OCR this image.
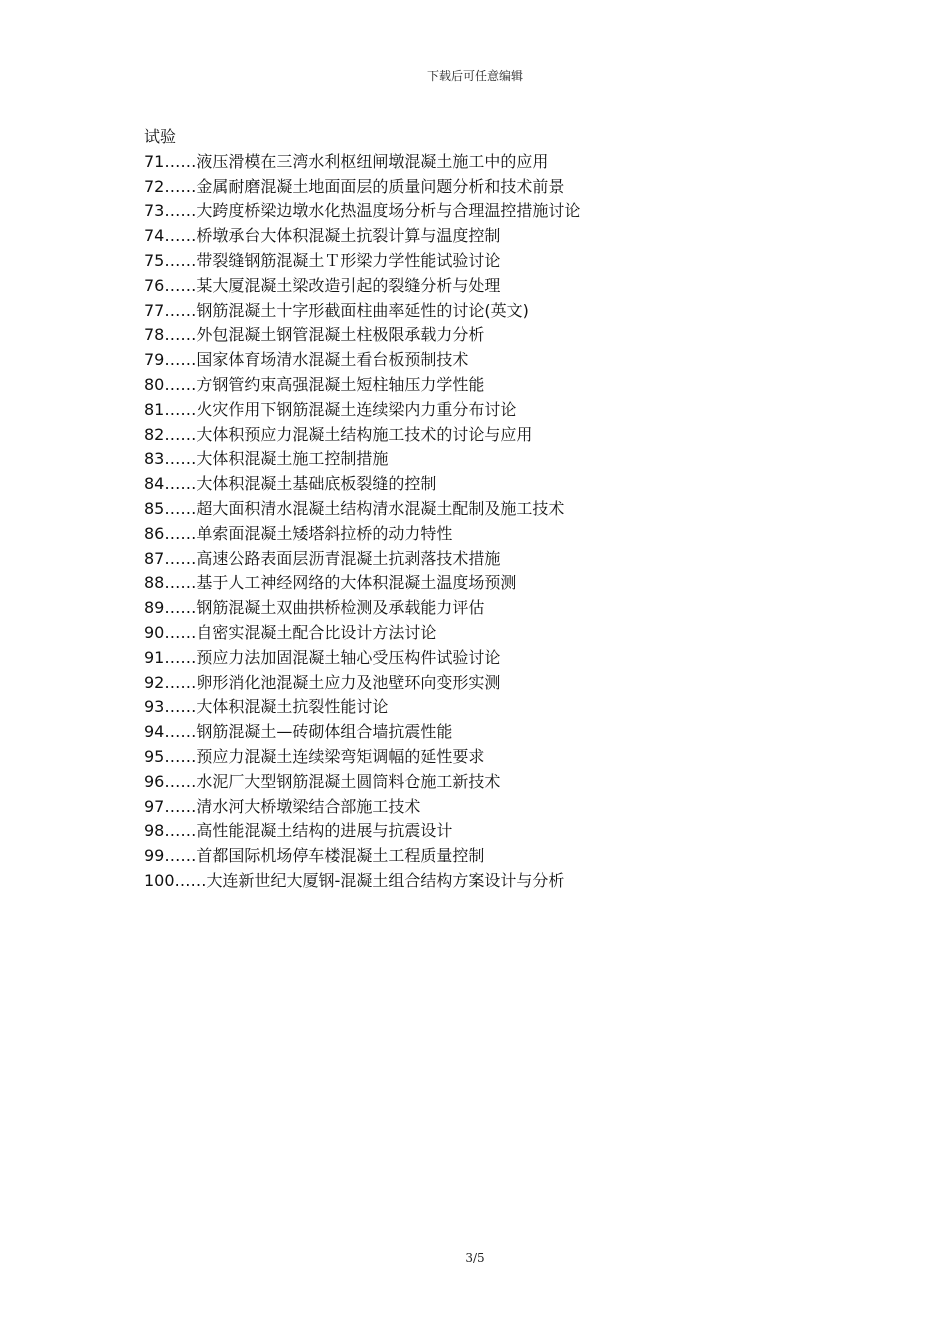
下载后可任意编辑

试验

71……液压滑模在三湾水利枢纽闸墩混凝土施工中的应用

72……金属耐磨混凝土地面面层的质量问题分析和技术前景

73……大跨度桥梁边墩水化热温度场分析与合理温控措施讨论

74……桥墩承台大体积混凝土抗裂计算与温度控制

75……带裂缝钢筋混凝土Ｔ形梁力学性能试验讨论

76……某大厦混凝土梁改造引起的裂缝分析与处理

77……钢筋混凝土十字形截面柱曲率延性的讨论(英文)

78……外包混凝土钢管混凝土柱极限承载力分析

79……国家体育场清水混凝土看台板预制技术

80……方钢管约束高强混凝土短柱轴压力学性能

81……火灾作用下钢筋混凝土连续梁内力重分布讨论

82……大体积预应力混凝土结构施工技术的讨论与应用

83……大体积混凝土施工控制措施

84……大体积混凝土基础底板裂缝的控制

85……超大面积清水混凝土结构清水混凝土配制及施工技术

86……单索面混凝土矮塔斜拉桥的动力特性

87……高速公路表面层沥青混凝土抗剥落技术措施

88……基于人工神经网络的大体积混凝土温度场预测

89……钢筋混凝土双曲拱桥检测及承载能力评估

90……自密实混凝土配合比设计方法讨论

91……预应力法加固混凝土轴心受压构件试验讨论

92……卵形消化池混凝土应力及池壁环向变形实测

93……大体积混凝土抗裂性能讨论

94……钢筋混凝土—砖砌体组合墙抗震性能

95……预应力混凝土连续梁弯矩调幅的延性要求

96……水泥厂大型钢筋混凝土圆筒料仓施工新技术

97……清水河大桥墩梁结合部施工技术

98……高性能混凝土结构的进展与抗震设计

99……首都国际机场停车楼混凝土工程质量控制

100……大连新世纪大厦钢-混凝土组合结构方案设计与分析

3/5
